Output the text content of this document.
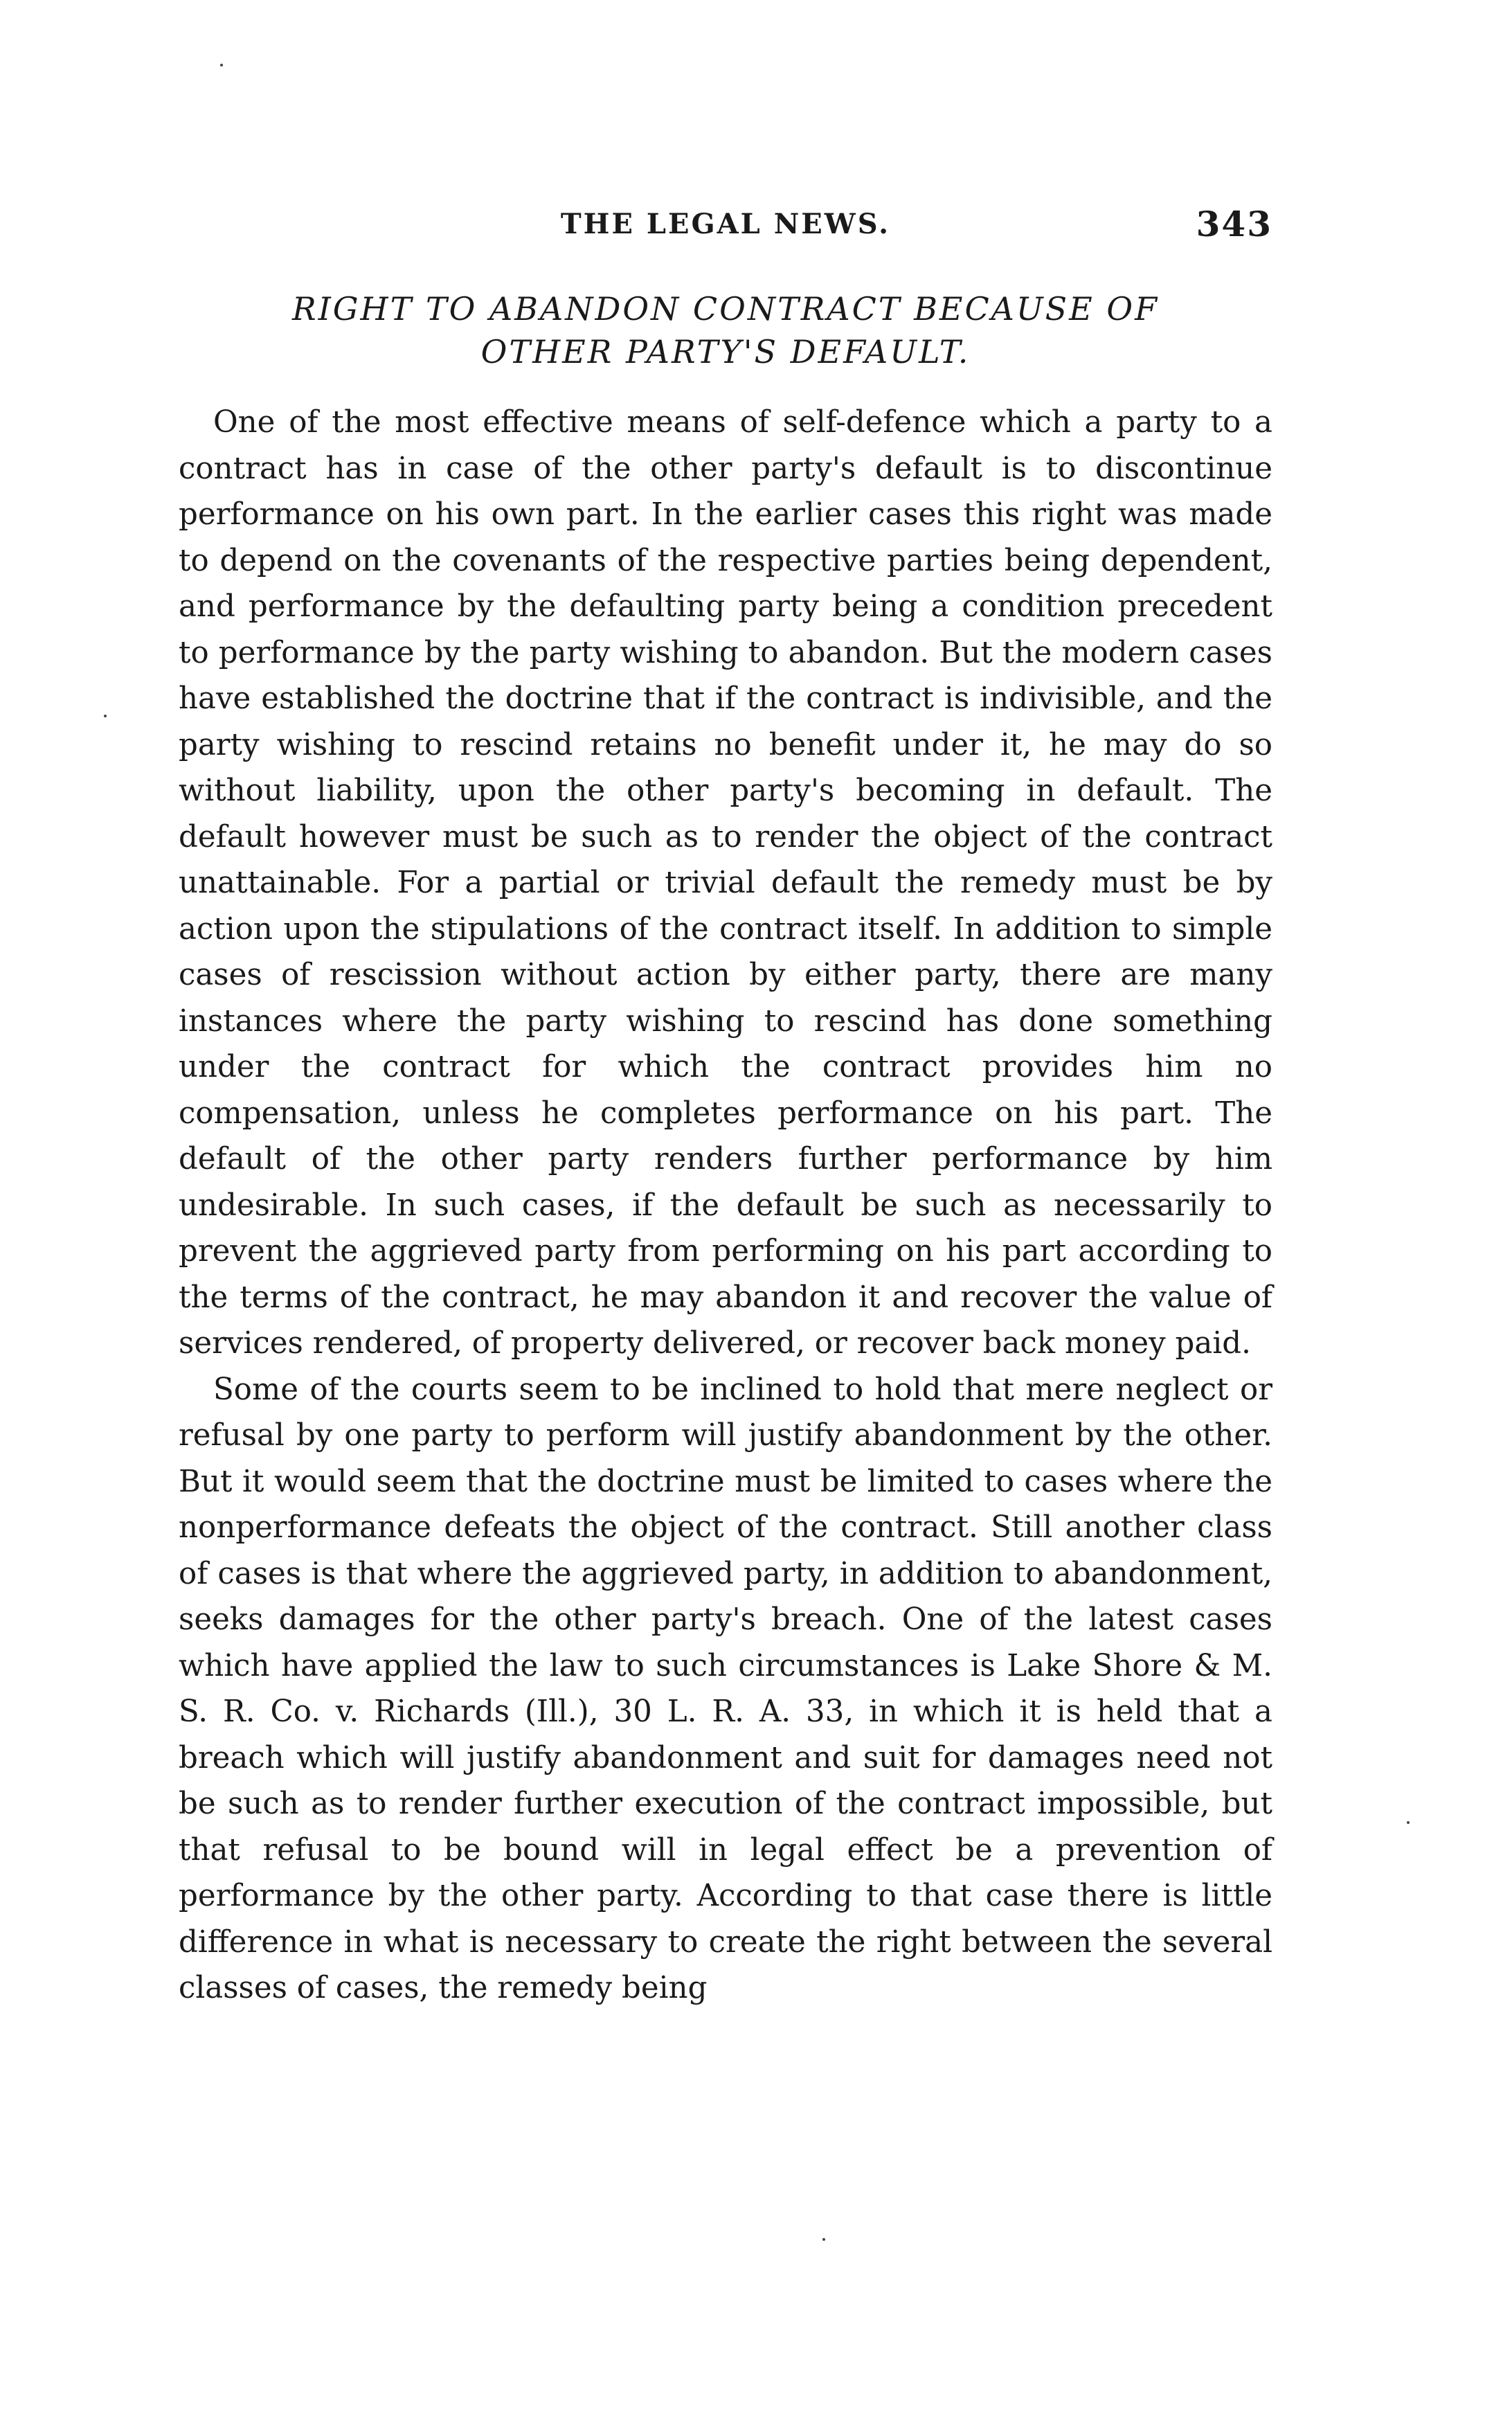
THE LEGAL NEWS.	343
RIGHT TO ABANDON CONTRACT BECAUSE OF
OTHER PARTY'S DEFAULT.

One of the most effective means of self-defence which a party to a contract has in case of the other party's default is to discontinue performance on his own part. In the earlier cases this right was made to depend on the covenants of the respective parties being dependent, and performance by the defaulting party being a condition precedent to performance by the party wishing to abandon. But the modern cases have established the doctrine that if the contract is indivisible, and the party wishing to rescind retains no benefit under it, he may do so without liability, upon the other party's becoming in default. The default however must be such as to render the object of the contract unattainable. For a partial or trivial default the remedy must be by action upon the stipulations of the contract itself. In addition to simple cases of rescission without action by either party, there are many instances where the party wishing to rescind has done something under the contract for which the contract provides him no compensation, unless he completes performance on his part. The default of the other party renders further performance by him undesirable. In such cases, if the default be such as necessarily to prevent the aggrieved party from performing on his part according to the terms of the contract, he may abandon it and recover the value of services rendered, of property delivered, or recover back money paid.

Some of the courts seem to be inclined to hold that mere neglect or refusal by one party to perform will justify abandonment by the other. But it would seem that the doctrine must be limited to cases where the nonperformance defeats the object of the contract. Still another class of cases is that where the aggrieved party, in addition to abandonment, seeks damages for the other party's breach. One of the latest cases which have applied the law to such circumstances is Lake Shore & M. S. R. Co. v. Richards (Ill.), 30 L. R. A. 33, in which it is held that a breach which will justify abandonment and suit for damages need not be such as to render further execution of the contract impossible, but that refusal to be bound will in legal effect be a prevention of performance by the other party. According to that case there is little difference in what is necessary to create the right between the several classes of cases, the remedy being
